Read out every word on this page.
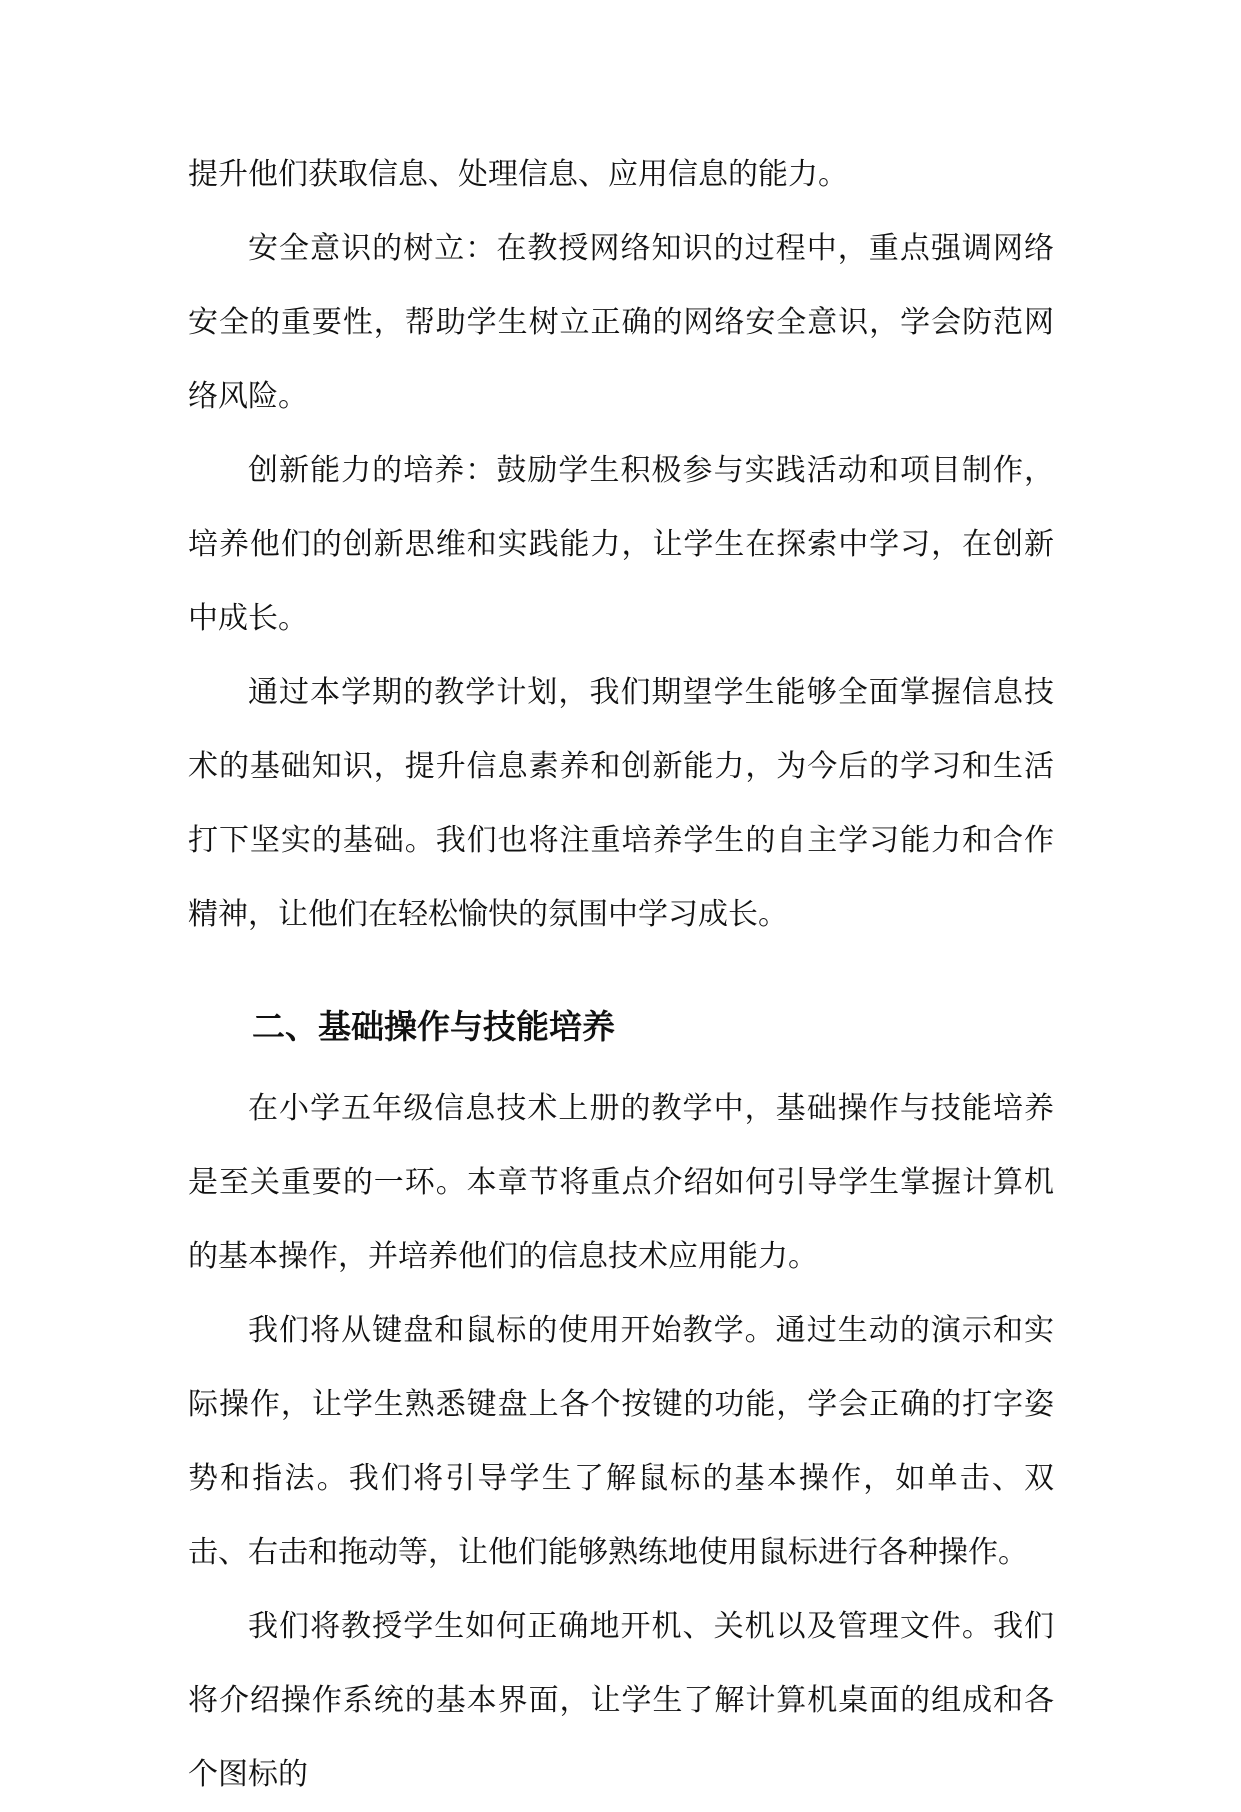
提升他们获取信息、处理信息、应用信息的能力。

安全意识的树立：在教授网络知识的过程中，重点强调网络安全的重要性，帮助学生树立正确的网络安全意识，学会防范网络风险。

创新能力的培养：鼓励学生积极参与实践活动和项目制作，培养他们的创新思维和实践能力，让学生在探索中学习，在创新中成长。

通过本学期的教学计划，我们期望学生能够全面掌握信息技术的基础知识，提升信息素养和创新能力，为今后的学习和生活打下坚实的基础。我们也将注重培养学生的自主学习能力和合作精神，让他们在轻松愉快的氛围中学习成长。

二、基础操作与技能培养

在小学五年级信息技术上册的教学中，基础操作与技能培养是至关重要的一环。本章节将重点介绍如何引导学生掌握计算机的基本操作，并培养他们的信息技术应用能力。

我们将从键盘和鼠标的使用开始教学。通过生动的演示和实际操作，让学生熟悉键盘上各个按键的功能，学会正确的打字姿势和指法。我们将引导学生了解鼠标的基本操作，如单击、双击、右击和拖动等，让他们能够熟练地使用鼠标进行各种操作。

我们将教授学生如何正确地开机、关机以及管理文件。我们将介绍操作系统的基本界面，让学生了解计算机桌面的组成和各个图标的
